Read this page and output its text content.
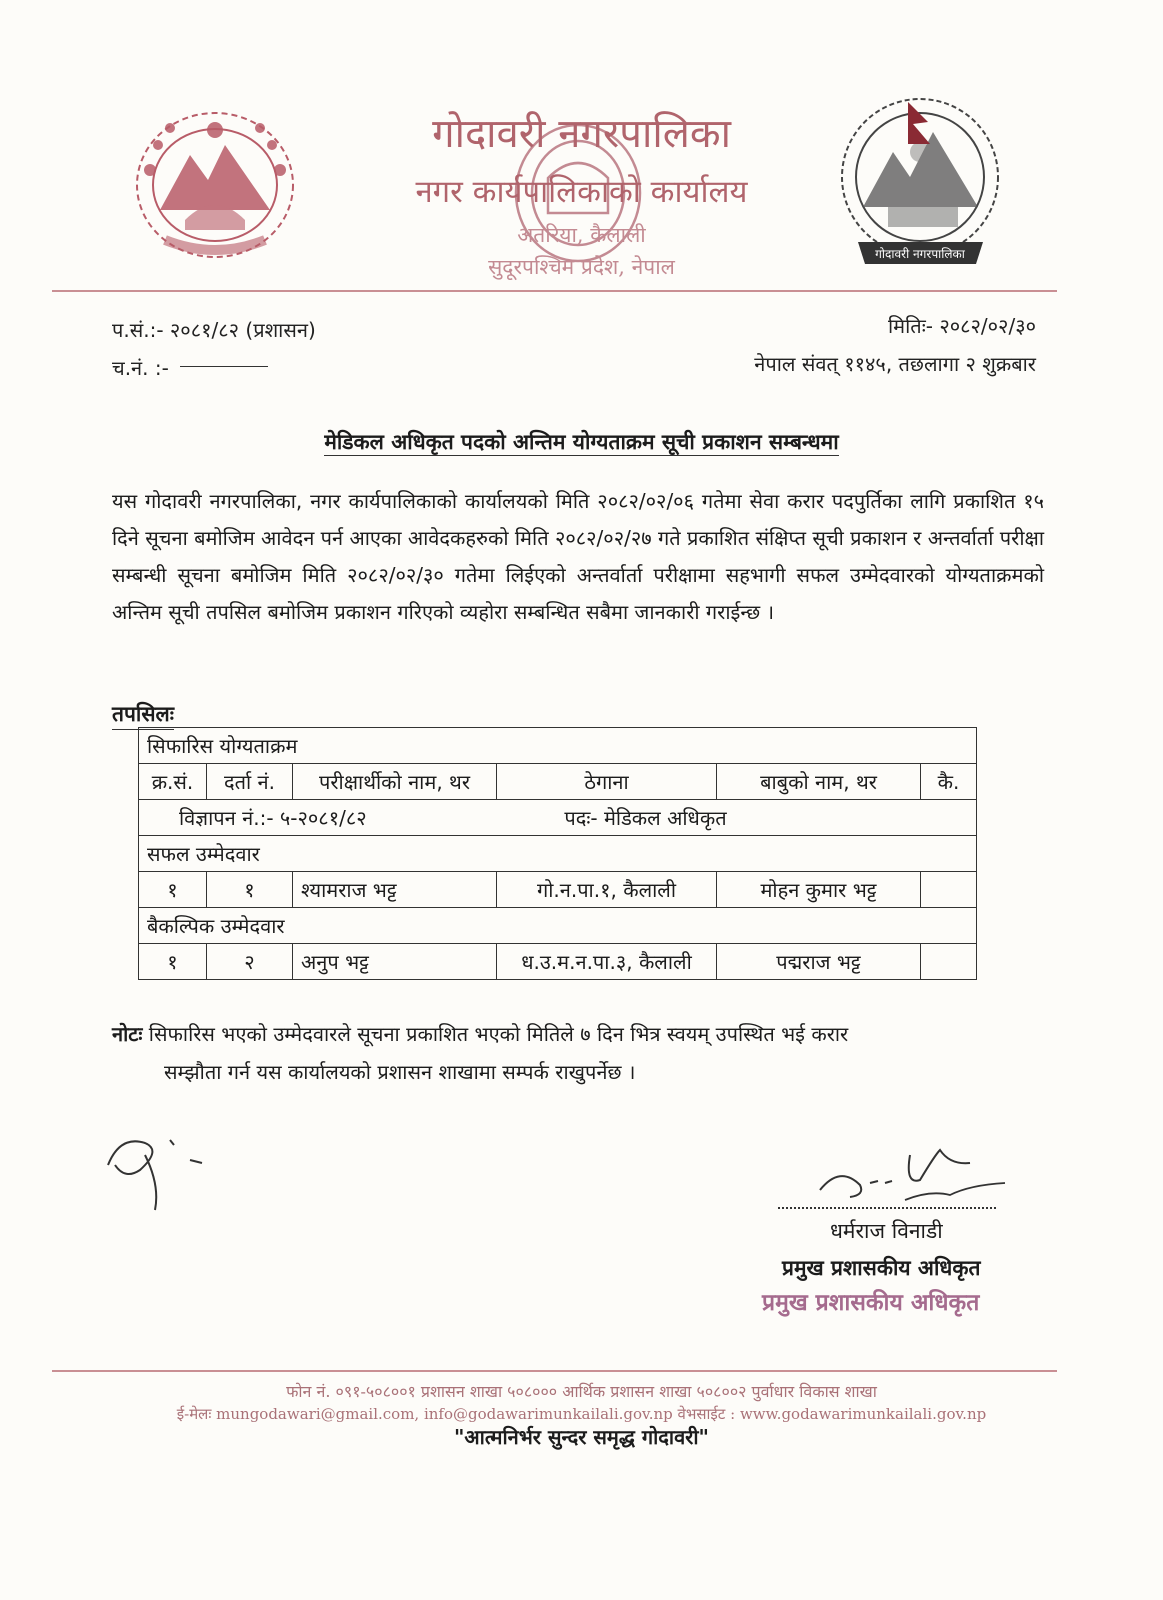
गोदावरी नगरपालिका
गोदावरी नगरपालिका
नगर कार्यपालिकाको कार्यालय
अतरिया, कैलाली
सुदूरपश्चिम प्रदेश, नेपाल
प.सं.:- २०८१/८२ (प्रशासन)
च.नं. :-
मितिः- २०८२/०२/३०
नेपाल संवत् ११४५, तछलागा २ शुक्रबार
मेडिकल अधिकृत पदको अन्तिम योग्यताक्रम सूची प्रकाशन सम्बन्धमा
यस गोदावरी नगरपालिका, नगर कार्यपालिकाको कार्यालयको मिति २०८२/०२/०६ गतेमा सेवा करार पदपुर्तिका लागि प्रकाशित १५ दिने सूचना बमोजिम आवेदन पर्न आएका आवेदकहरुको मिति २०८२/०२/२७ गते प्रकाशित संक्षिप्त सूची प्रकाशन र अन्तर्वार्ता परीक्षा सम्बन्धी सूचना बमोजिम मिति २०८२/०२/३० गतेमा लिईएको अन्तर्वार्ता परीक्षामा सहभागी सफल उम्मेदवारको योग्यताक्रमको अन्तिम सूची तपसिल बमोजिम प्रकाशन गरिएको व्यहोरा सम्बन्धित सबैमा जानकारी गराईन्छ ।
तपसिलः
सिफारिस योग्यताक्रम					
क्र.सं.	दर्ता नं.	परीक्षार्थीको नाम, थर	ठेगाना	बाबुको नाम, थर	कै.
विज्ञापन नं.:- ५-२०८१/८२ पदः- मेडिकल अधिकृत					
सफल उम्मेदवार					
१	१	श्यामराज भट्ट	गो.न.पा.१, कैलाली	मोहन कुमार भट्ट	
बैकल्पिक उम्मेदवार					
१	२	अनुप भट्ट	ध.उ.म.न.पा.३, कैलाली	पद्मराज भट्ट	
नोटः सिफारिस भएको उम्मेदवारले सूचना प्रकाशित भएको मितिले ७ दिन भित्र स्वयम् उपस्थित भई करार
सम्झौता गर्न यस कार्यालयको प्रशासन शाखामा सम्पर्क राखुपर्नेछ ।
धर्मराज विनाडी
प्रमुख प्रशासकीय अधिकृत
प्रमुख प्रशासकीय अधिकृत
फोन नं. ०९१-५०८००१ प्रशासन शाखा ५०८००० आर्थिक प्रशासन शाखा ५०८००२ पुर्वाधार विकास शाखा
ई-मेलः mungodawari@gmail.com, info@godawarimunkailali.gov.np वेभसाईट : www.godawarimunkailali.gov.np
"आत्मनिर्भर सुन्दर समृद्ध गोदावरी"
